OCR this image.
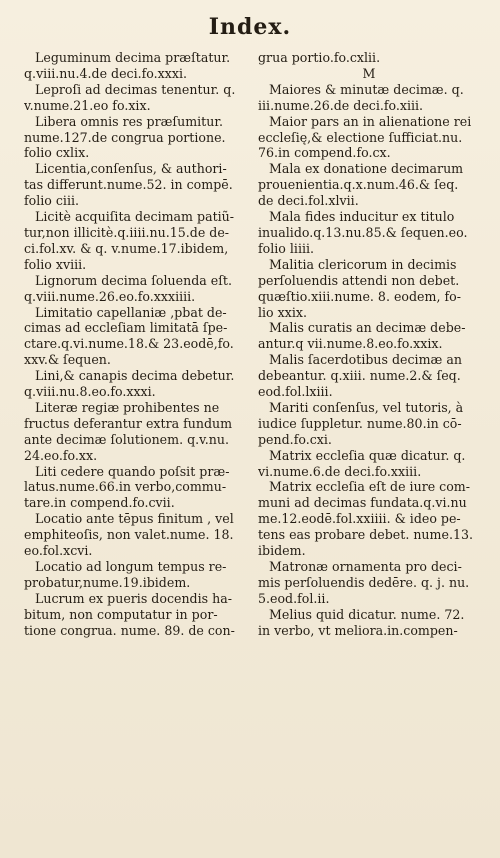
Index.
Leguminum decima præſtatur.
q.viii.nu.4.de deci.fo.xxxi.
Leproſi ad decimas tenentur. q.
v.nume.21.eo fo.xix.
Libera omnis res præſumitur.
nume.127.de congrua portione.
folio cxlix.
Licentia,conſenſus, & authori-
tas differunt.nume.52. in compē.
folio ciii.
Licitè acquiſita decimam patiũ-
tur,non illicitè.q.iiii.nu.15.de de-
ci.fol.xv. & q. v.nume.17.ibidem,
folio xviii.
Lignorum decima ſoluenda eſt.
q.viii.nume.26.eo.fo.xxxiiii.
Limitatio capellaniæ ,pbat de-
cimas ad eccleſiam limitatā ſpe-
ctare.q.vi.nume.18.& 23.eodē,fo.
xxv.& ſequen.
Lini,& canapis decima debetur.
q.viii.nu.8.eo.fo.xxxi.
Literæ regiæ prohibentes ne
fructus deferantur extra fundum
ante decimæ ſolutionem. q.v.nu.
24.eo.fo.xx.
Liti cedere quando poſsit præ-
latus.nume.66.in verbo,commu-
tare.in compend.fo.cvii.
Locatio ante tēpus finitum , vel
emphiteoſis, non valet.nume. 18.
eo.fol.xcvi.
Locatio ad longum tempus re-
probatur,nume.19.ibidem.
Lucrum ex pueris docendis ha-
bitum, non computatur in por-
tione congrua. nume. 89. de con-
grua portio.fo.cxlii.
M
Maiores & minutæ decimæ. q.
iii.nume.26.de deci.fo.xiii.
Maior pars an in alienatione rei
eccleſię,& electione ſufficiat.nu.
76.in compend.fo.cx.
Mala ex donatione decimarum
prouenientia.q.x.num.46.& ſeq.
de deci.fol.xlvii.
Mala fides inducitur ex titulo
inualido.q.13.nu.85.& ſequen.eo.
folio liiii.
Malitia clericorum in decimis
perſoluendis attendi non debet.
quæſtio.xiii.nume. 8. eodem, fo-
lio xxix.
Malis curatis an decimæ debe-
antur.q vii.nume.8.eo.fo.xxix.
Malis ſacerdotibus decimæ an
debeantur. q.xiii. nume.2.& ſeq.
eod.fol.lxiii.
Mariti conſenſus, vel tutoris, à
iudice ſuppletur. nume.80.in cō-
pend.fo.cxi.
Matrix eccleſia quæ dicatur. q.
vi.nume.6.de deci.fo.xxiii.
Matrix eccleſia eſt de iure com-
muni ad decimas fundata.q.vi.nu
me.12.eodē.fol.xxiiii. & ideo pe-
tens eas probare debet. nume.13.
ibidem.
Matronæ ornamenta pro deci-
mis perſoluendis dedēre. q. j. nu.
5.eod.fol.ii.
Melius quid dicatur. nume. 72.
in verbo, vt meliora.in.compen-
